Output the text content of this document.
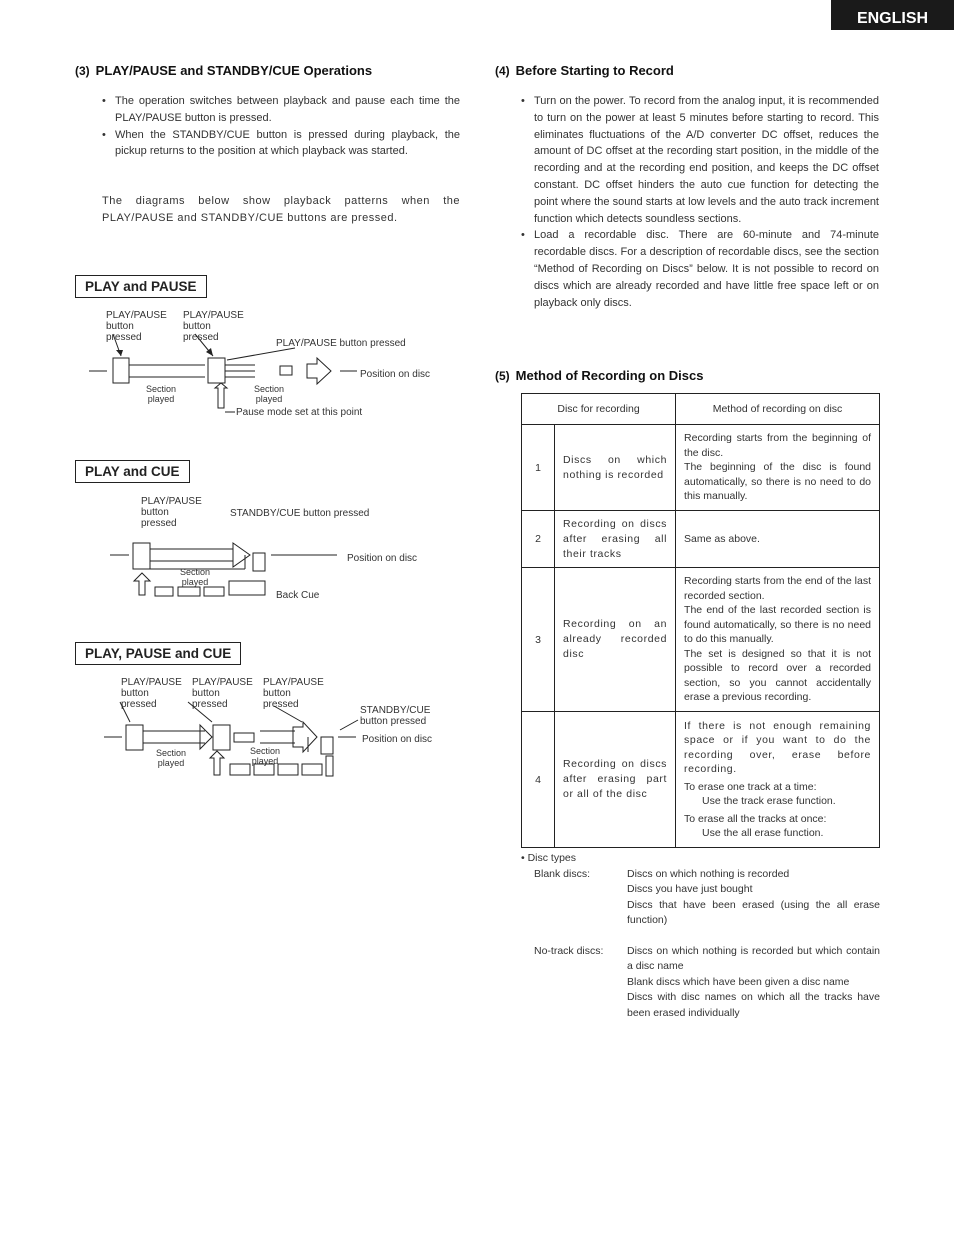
ENGLISH
(3) PLAY/PAUSE and STANDBY/CUE Operations
• The operation switches between playback and pause each time the PLAY/PAUSE button is pressed.
• When the STANDBY/CUE button is pressed during playback, the pickup returns to the position at which playback was started.
The diagrams below show playback patterns when the PLAY/PAUSE and STANDBY/CUE buttons are pressed.
PLAY and PAUSE
PLAY/PAUSE
button
pressed
PLAY/PAUSE
button
pressed
PLAY/PAUSE button pressed
Position on disc
Section
played
Section
played
Pause mode set at this point
PLAY and CUE
PLAY/PAUSE
button
pressed
STANDBY/CUE button pressed
Position on disc
Section
played
Back Cue
PLAY, PAUSE and CUE
PLAY/PAUSE
button
pressed
PLAY/PAUSE
button
pressed
PLAY/PAUSE
button
pressed
STANDBY/CUE
button pressed
Position on disc
Section
played
Section
played
(4) Before Starting to Record
• Turn on the power. To record from the analog input, it is recommended to turn on the power at least 5 minutes before starting to record. This eliminates fluctuations of the A/D converter DC offset, reduces the amount of DC offset at the recording start position, in the middle of the recording and at the recording end position, and keeps the DC offset constant. DC offset hinders the auto cue function for detecting the point where the sound starts at low levels and the auto track increment function which detects soundless sections.
• Load a recordable disc. There are 60-minute and 74-minute recordable discs. For a description of recordable discs, see the section “Method of Recording on Discs” below. It is not possible to record on discs which are already recorded and have little free space left or on playback only discs.
(5) Method of Recording on Discs
Disc for recording		Method of recording on disc
1	Discs on which nothing is recorded	Recording starts from the beginning of the disc.
The beginning of the disc is found automatically, so there is no need to do this manually.
2	Recording on discs after erasing all their tracks	Same as above.
3	Recording on an already recorded disc	Recording starts from the end of the last recorded section.
The end of the last recorded section is found automatically, so there is no need to do this manually.
The set is designed so that it is not possible to record over a recorded section, so you cannot accidentally erase a previous recording.
4	Recording on discs after erasing part or all of the disc	If there is not enough remaining space or if you want to do the recording over, erase before recording.
To erase one track at a time:
Use the track erase function.
To erase all the tracks at once:
Use the all erase function.
• Disc types
Blank discs:	Discs on which nothing is recorded
Discs you have just bought
Discs that have been erased (using the all erase function)
No-track discs:	Discs on which nothing is recorded but which contain a disc name
Blank discs which have been given a disc name
Discs with disc names on which all the tracks have been erased individually
